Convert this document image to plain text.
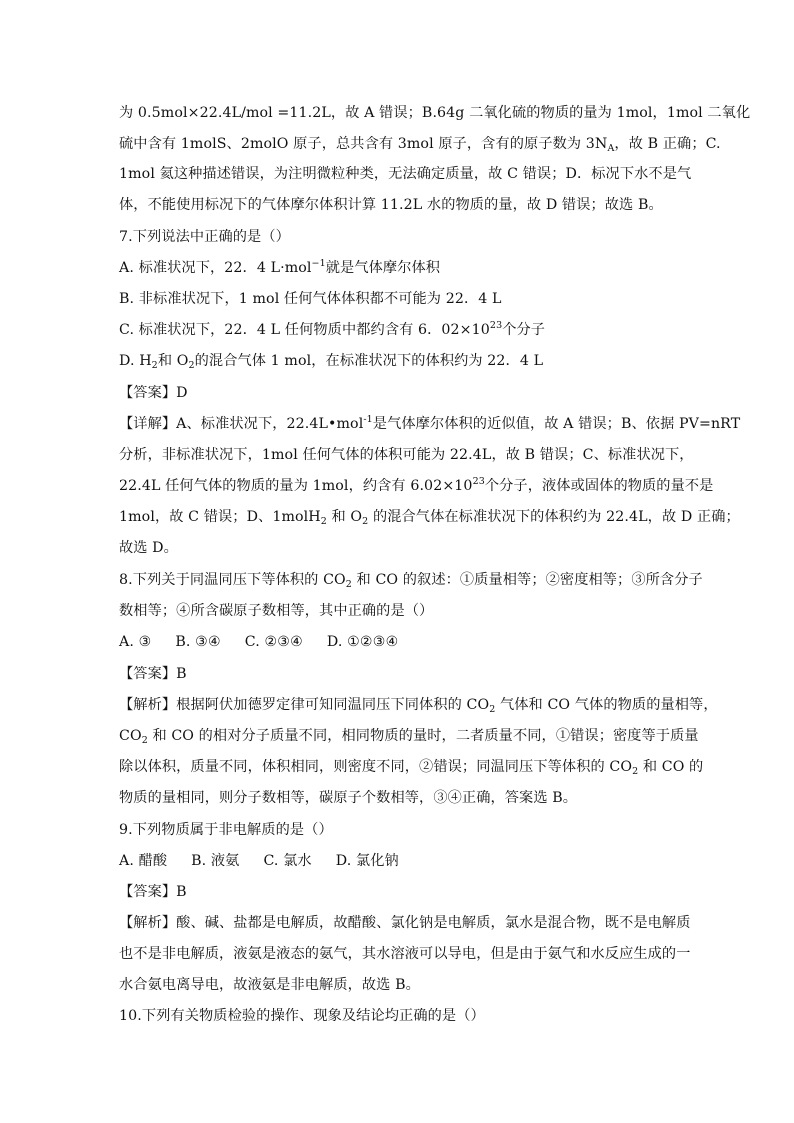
为 0.5mol×22.4L/mol =11.2L，故 A 错误；B.64g 二氧化硫的物质的量为 1mol，1mol 二氧化
硫中含有 1molS、2molO 原子，总共含有 3mol 原子，含有的原子数为 $3N_A$，故 B 正确；C.
1mol 氦这种描述错误，为注明微粒种类，无法确定质量，故 C 错误；D．标况下水不是气
体，不能使用标况下的气体摩尔体积计算 11.2L 水的物质的量，故 D 错误；故选 B。
7.下列说法中正确的是（）
A. 标准状况下，22．4 L·mol$^{-1}$就是气体摩尔体积
B. 非标准状况下，1 mol 任何气体体积都不可能为 22．4 L
C. 标准状况下，22．4 L 任何物质中都约含有 6．$02\times 10^{23}$个分子
D. $H_2$和 $O_2$的混合气体 1 mol，在标准状况下的体积约为 22．4 L
【答案】D
【详解】A、标准状况下，22.4L•mol$^{-1}$是气体摩尔体积的近似值，故 A 错误；B、依据 PV=nRT
分析，非标准状况下，1mol 任何气体的体积可能为 22.4L，故 B 错误；C、标准状况下，
22.4L 任何气体的物质的量为 1mol，约含有 $6.02\times 10^{23}$个分子，液体或固体的物质的量不是
1mol，故 C 错误；D、1molH$_2$ 和 $O_2$ 的混合气体在标准状况下的体积约为 22.4L，故 D 正确；
故选 D。
8.下列关于同温同压下等体积的 $CO_2$ 和 CO 的叙述：①质量相等；②密度相等；③所含分子
数相等；④所含碳原子数相等，其中正确的是（）
A. ③ B. ③④ C. ②③④ D. ①②③④
【答案】B
【解析】根据阿伏加德罗定律可知同温同压下同体积的 $CO_2$ 气体和 CO 气体的物质的量相等，
$CO_2$ 和 CO 的相对分子质量不同，相同物质的量时，二者质量不同，①错误；密度等于质量
除以体积，质量不同，体积相同，则密度不同，②错误；同温同压下等体积的 $CO_2$ 和 CO 的
物质的量相同，则分子数相等，碳原子个数相等，③④正确，答案选 B。
9.下列物质属于非电解质的是（）
A. 醋酸 B. 液氨 C. 氯水 D. 氯化钠
【答案】B
【解析】酸、碱、盐都是电解质，故醋酸、氯化钠是电解质，氯水是混合物，既不是电解质
也不是非电解质，液氨是液态的氨气，其水溶液可以导电，但是由于氨气和水反应生成的一
水合氨电离导电，故液氨是非电解质，故选 B。
10.下列有关物质检验的操作、现象及结论均正确的是（）
